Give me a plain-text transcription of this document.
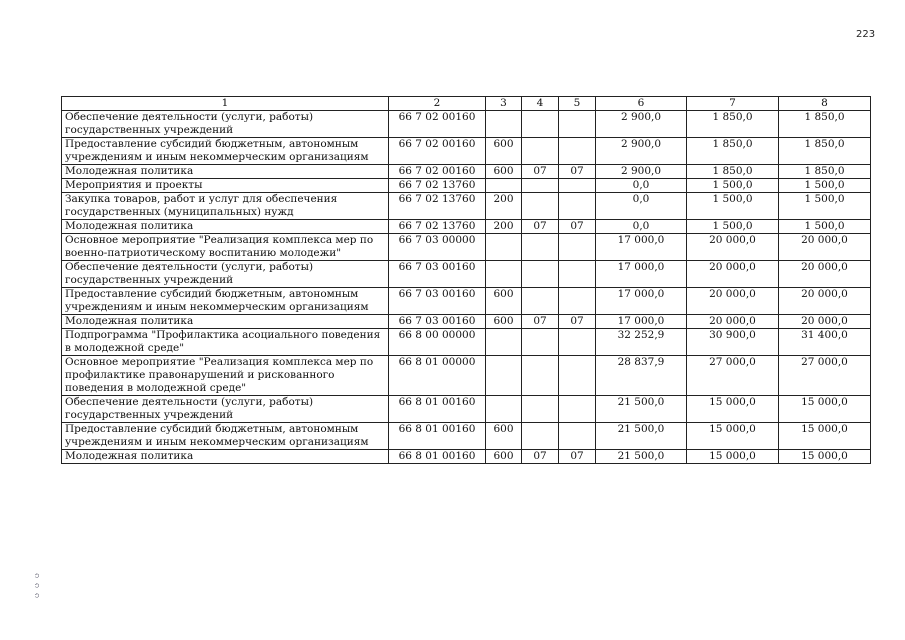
223
1	2	3	4	5	6	7	8
Обеспечение деятельности (услуги, работы) государственных учреждений	66 7 02 00160				2 900,0	1 850,0	1 850,0
Предоставление субсидий бюджетным, автономным учреждениям и иным некоммерческим организациям	66 7 02 00160	600			2 900,0	1 850,0	1 850,0
Молодежная политика	66 7 02 00160	600	07	07	2 900,0	1 850,0	1 850,0
Мероприятия и проекты	66 7 02 13760				0,0	1 500,0	1 500,0
Закупка товаров, работ и услуг для обеспечения государственных (муниципальных) нужд	66 7 02 13760	200			0,0	1 500,0	1 500,0
Молодежная политика	66 7 02 13760	200	07	07	0,0	1 500,0	1 500,0
Основное мероприятие "Реализация комплекса мер по военно-патриотическому воспитанию молодежи"	66 7 03 00000				17 000,0	20 000,0	20 000,0
Обеспечение деятельности (услуги, работы) государственных учреждений	66 7 03 00160				17 000,0	20 000,0	20 000,0
Предоставление субсидий бюджетным, автономным учреждениям и иным некоммерческим организациям	66 7 03 00160	600			17 000,0	20 000,0	20 000,0
Молодежная политика	66 7 03 00160	600	07	07	17 000,0	20 000,0	20 000,0
Подпрограмма "Профилактика асоциального поведения в молодежной среде"	66 8 00 00000				32 252,9	30 900,0	31 400,0
Основное мероприятие "Реализация комплекса мер по профилактике правонарушений и рискованного поведения в молодежной среде"	66 8 01 00000				28 837,9	27 000,0	27 000,0
Обеспечение деятельности (услуги, работы) государственных учреждений	66 8 01 00160				21 500,0	15 000,0	15 000,0
Предоставление субсидий бюджетным, автономным учреждениям и иным некоммерческим организациям	66 8 01 00160	600			21 500,0	15 000,0	15 000,0
Молодежная политика	66 8 01 00160	600	07	07	21 500,0	15 000,0	15 000,0
ၒ ၒ ၒ
